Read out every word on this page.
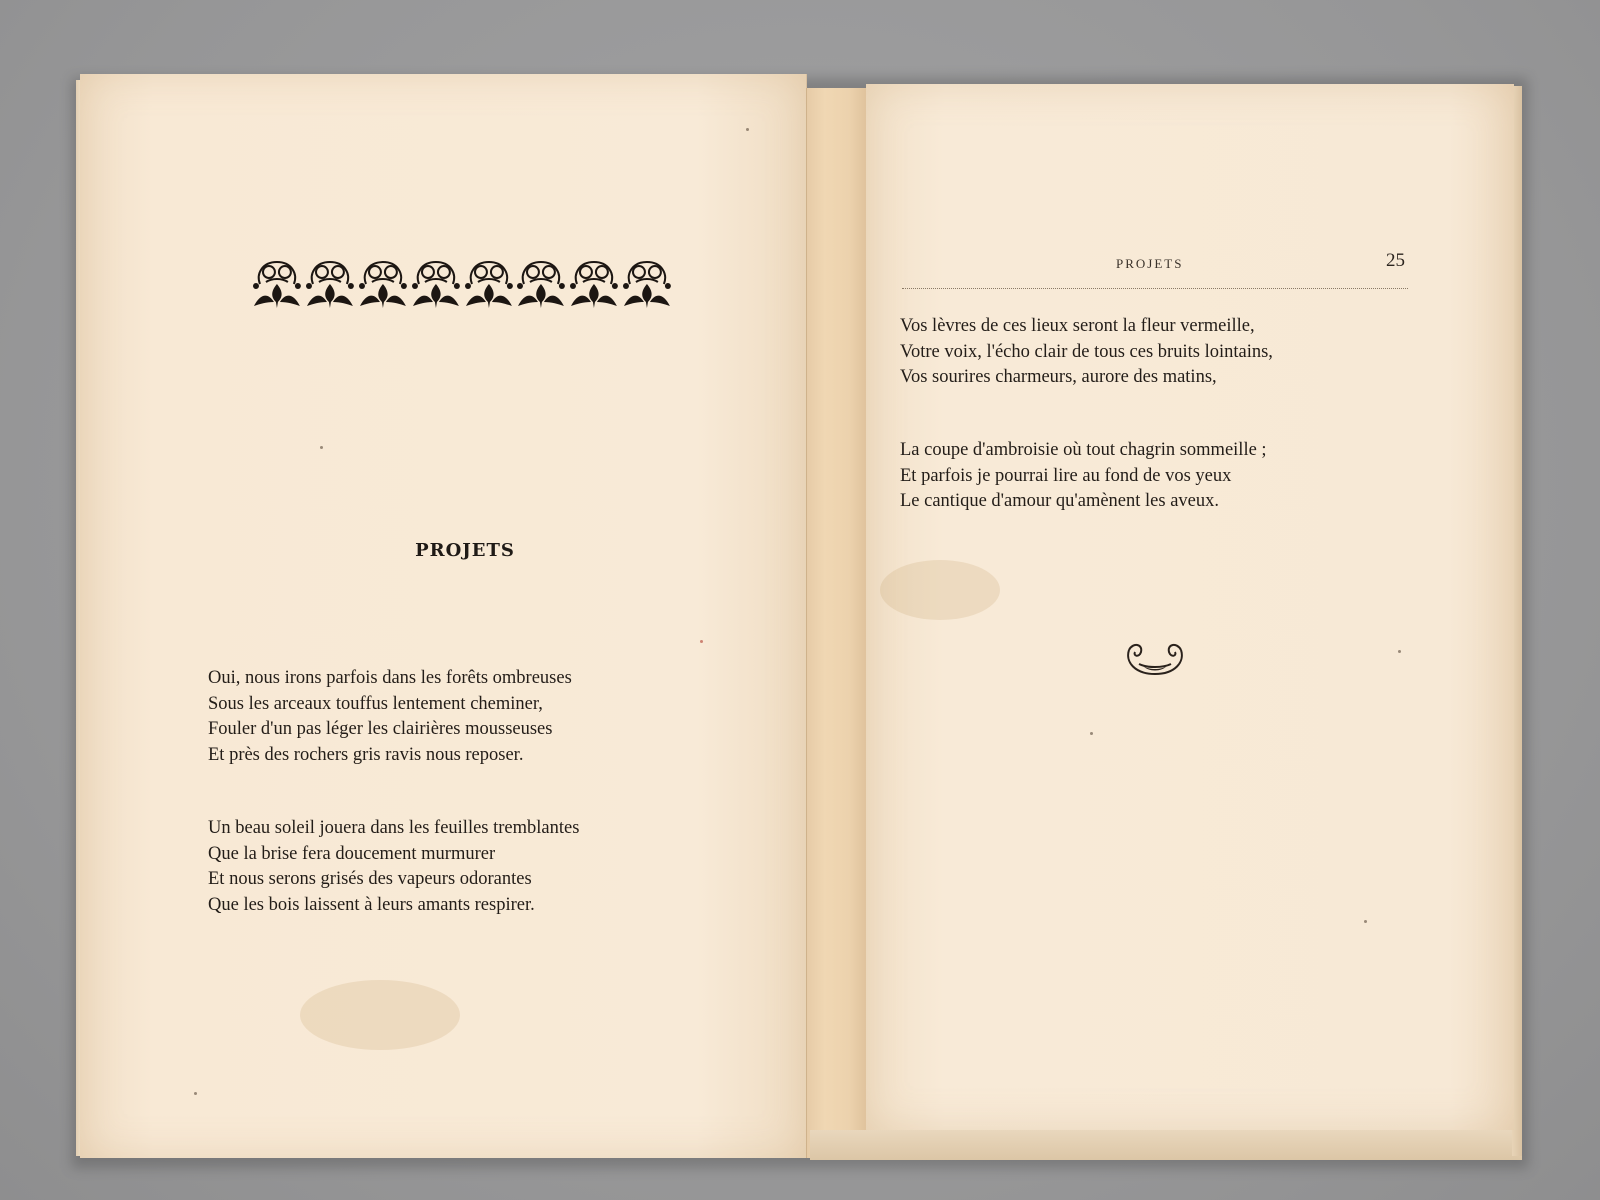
PROJETS
Oui, nous irons parfois dans les forêts ombreuses
Sous les arceaux touffus lentement cheminer,
Fouler d'un pas léger les clairières mousseuses
Et près des rochers gris ravis nous reposer.
Un beau soleil jouera dans les feuilles tremblantes
Que la brise fera doucement murmurer
Et nous serons grisés des vapeurs odorantes
Que les bois laissent à leurs amants respirer.
PROJETS	25
Vos lèvres de ces lieux seront la fleur vermeille,
Votre voix, l'écho clair de tous ces bruits lointains,
Vos sourires charmeurs, aurore des matins,
La coupe d'ambroisie où tout chagrin sommeille ;
Et parfois je pourrai lire au fond de vos yeux
Le cantique d'amour qu'amènent les aveux.
